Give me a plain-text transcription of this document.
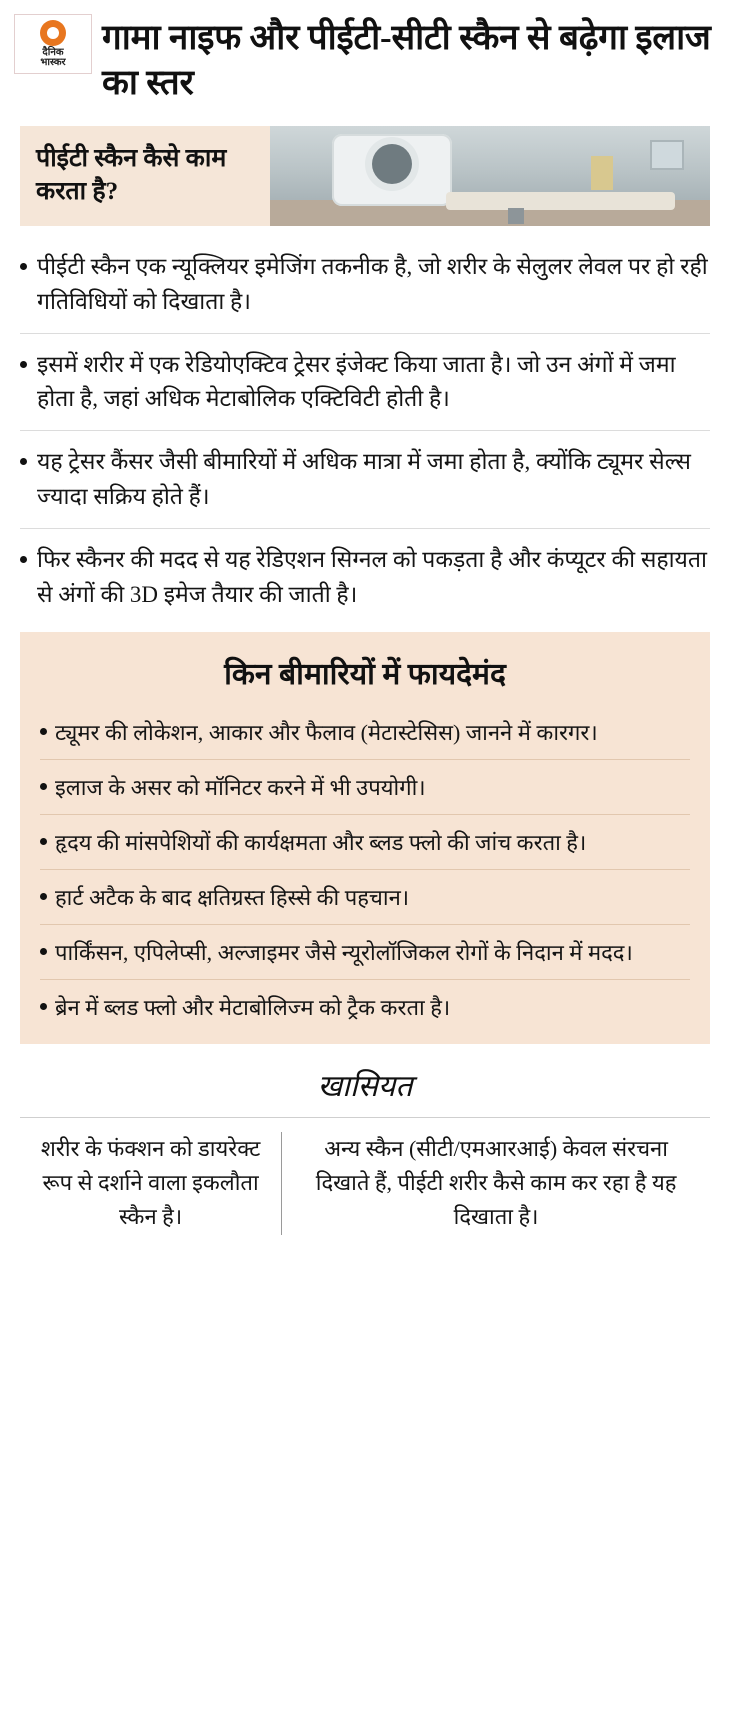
दैनिक
भास्कर
गामा नाइफ और पीईटी-सीटी स्कैन से बढ़ेगा इलाज का स्तर
पीईटी स्कैन कैसे काम करता है?
पीईटी स्कैन एक न्यूक्लियर इमेजिंग तकनीक है, जो शरीर के सेलुलर लेवल पर हो रही गतिविधियों को दिखाता है।
इसमें शरीर में एक रेडियोएक्टिव ट्रेसर इंजेक्ट किया जाता है। जो उन अंगों में जमा होता है, जहां अधिक मेटाबोलिक एक्टिविटी होती है।
यह ट्रेसर कैंसर जैसी बीमारियों में अधिक मात्रा में जमा होता है, क्योंकि ट्यूमर सेल्स ज्यादा सक्रिय होते हैं।
फिर स्कैनर की मदद से यह रेडिएशन सिग्नल को पकड़ता है और कंप्यूटर की सहायता से अंगों की 3D इमेज तैयार की जाती है।
किन बीमारियों में फायदेमंद
ट्यूमर की लोकेशन, आकार और फैलाव (मेटास्टेसिस) जानने में कारगर।
इलाज के असर को मॉनिटर करने में भी उपयोगी।
हृदय की मांसपेशियों की कार्यक्षमता और ब्लड फ्लो की जांच करता है।
हार्ट अटैक के बाद क्षतिग्रस्त हिस्से की पहचान।
पार्किंसन, एपिलेप्सी, अल्जाइमर जैसे न्यूरोलॉजिकल रोगों के निदान में मदद।
ब्रेन में ब्लड फ्लो और मेटाबोलिज्म को ट्रैक करता है।
खासियत
शरीर के फंक्शन को डायरेक्ट रूप से दर्शाने वाला इकलौता स्कैन है।
अन्य स्कैन (सीटी/एमआरआई) केवल संरचना दिखाते हैं, पीईटी शरीर कैसे काम कर रहा है यह दिखाता है।
